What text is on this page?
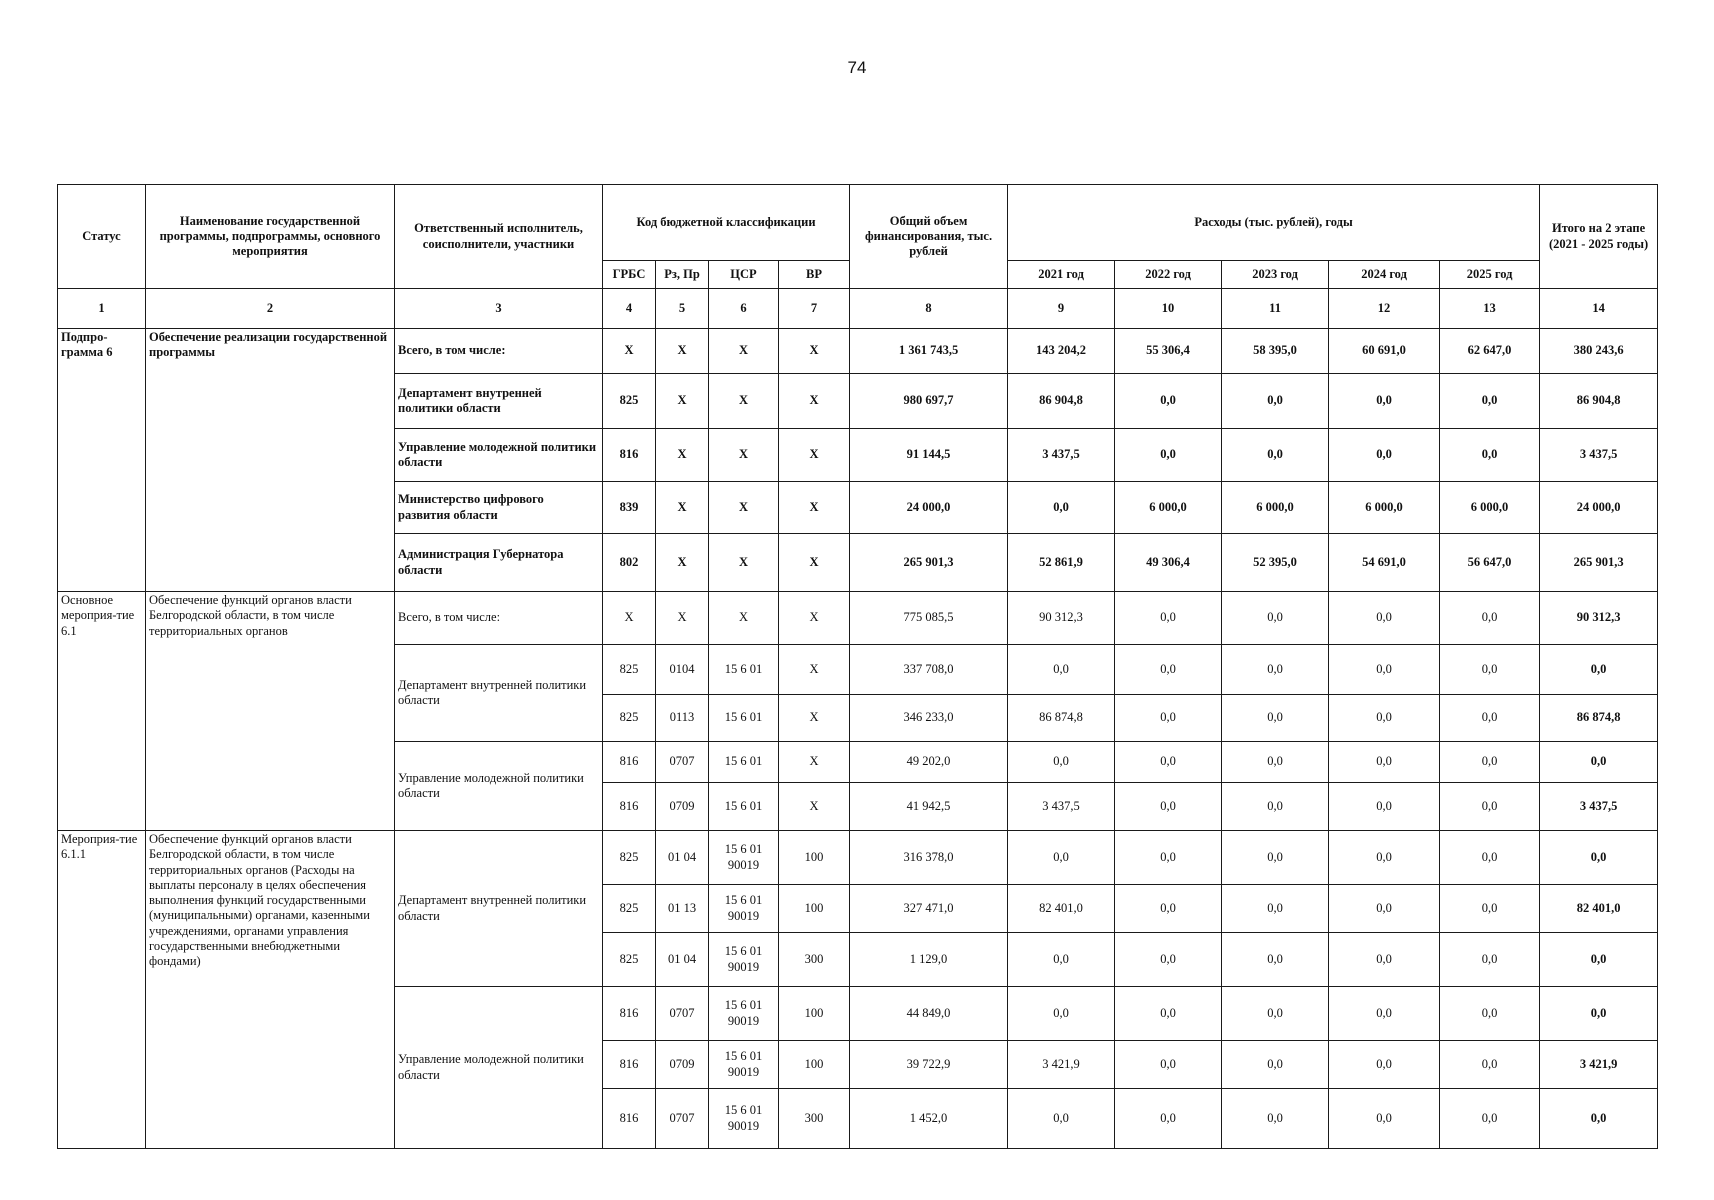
74
Статус	Наименование государственной программы, подпрограммы, основного мероприятия	Ответственный исполнитель, соисполнители, участники	Код бюджетной классификации				Общий объем финансирования, тыс. рублей	Расходы (тыс. рублей), годы					Итого на 2 этапе (2021 - 2025 годы)
			ГРБС	Рз, Пр	ЦСР	ВР		2021 год	2022 год	2023 год	2024 год	2025 год	
1	2	3	4	5	6	7	8	9	10	11	12	13	14
Подпро-грамма 6	Обеспечение реализации государственной программы	Всего, в том числе:	Х	Х	Х	Х	1 361 743,5	143 204,2	55 306,4	58 395,0	60 691,0	62 647,0	380 243,6
		Департамент внутренней политики области	825	Х	Х	Х	980 697,7	86 904,8	0,0	0,0	0,0	0,0	86 904,8
		Управление молодежной политики области	816	Х	Х	Х	91 144,5	3 437,5	0,0	0,0	0,0	0,0	3 437,5
		Министерство цифрового развития области	839	Х	Х	Х	24 000,0	0,0	6 000,0	6 000,0	6 000,0	6 000,0	24 000,0
		Администрация Губернатора области	802	Х	Х	Х	265 901,3	52 861,9	49 306,4	52 395,0	54 691,0	56 647,0	265 901,3
Основное мероприя-тие 6.1	Обеспечение функций органов власти Белгородской области, в том числе территориальных органов	Всего, в том числе:	Х	Х	Х	Х	775 085,5	90 312,3	0,0	0,0	0,0	0,0	90 312,3
		Департамент внутренней политики области	825	0104	15 6 01	Х	337 708,0	0,0	0,0	0,0	0,0	0,0	0,0
			825	0113	15 6 01	Х	346 233,0	86 874,8	0,0	0,0	0,0	0,0	86 874,8
		Управление молодежной политики области	816	0707	15 6 01	Х	49 202,0	0,0	0,0	0,0	0,0	0,0	0,0
			816	0709	15 6 01	Х	41 942,5	3 437,5	0,0	0,0	0,0	0,0	3 437,5
Мероприя-тие 6.1.1	Обеспечение функций органов власти Белгородской области, в том числе территориальных органов (Расходы на выплаты персоналу в целях обеспечения выполнения функций государственными (муниципальными) органами, казенными учреждениями, органами управления государственными внебюджетными фондами)	Департамент внутренней политики области	825	01 04	15 6 01 90019	100	316 378,0	0,0	0,0	0,0	0,0	0,0	0,0
			825	01 13	15 6 01 90019	100	327 471,0	82 401,0	0,0	0,0	0,0	0,0	82 401,0
			825	01 04	15 6 01 90019	300	1 129,0	0,0	0,0	0,0	0,0	0,0	0,0
		Управление молодежной политики области	816	0707	15 6 01 90019	100	44 849,0	0,0	0,0	0,0	0,0	0,0	0,0
			816	0709	15 6 01 90019	100	39 722,9	3 421,9	0,0	0,0	0,0	0,0	3 421,9
			816	0707	15 6 01 90019	300	1 452,0	0,0	0,0	0,0	0,0	0,0	0,0
